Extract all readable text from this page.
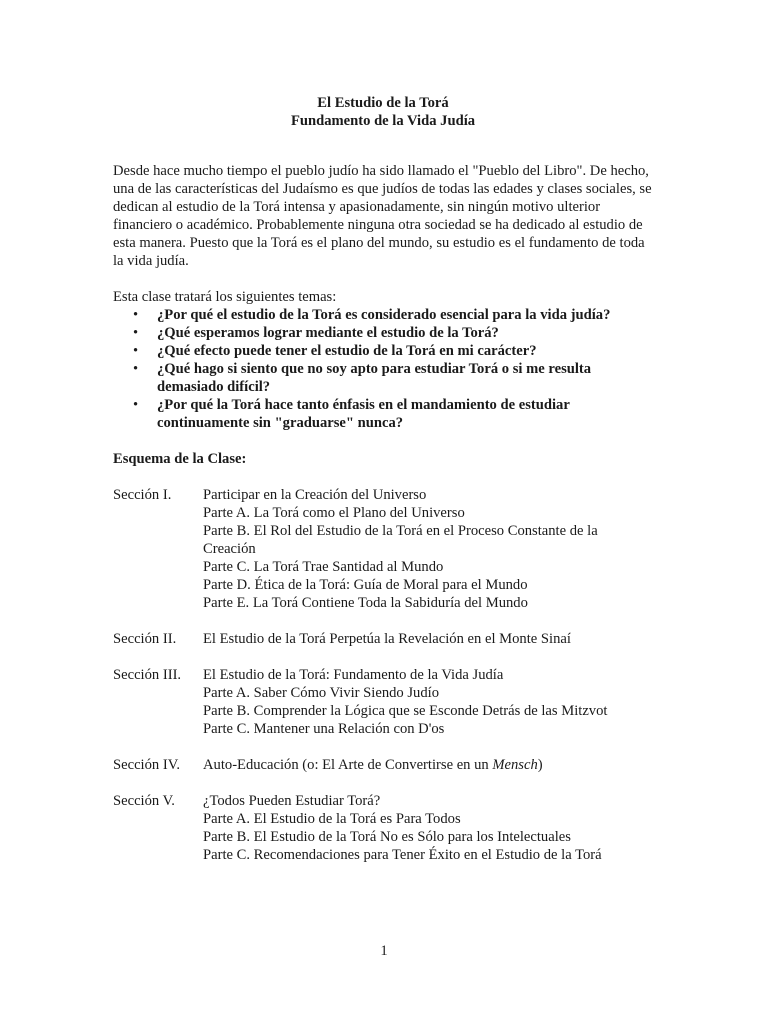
El Estudio de la Torá

Fundamento de la Vida Judía

Desde hace mucho tiempo el pueblo judío ha sido llamado el "Pueblo del Libro". De hecho, una de las características del Judaísmo es que judíos de todas las edades y clases sociales, se dedican al estudio de la Torá intensa y apasionadamente, sin ningún motivo ulterior financiero o académico. Probablemente ninguna otra sociedad se ha dedicado al estudio de esta manera. Puesto que la Torá es el plano del mundo, su estudio es el fundamento de toda la vida judía.

Esta clase tratará los siguientes temas:

• ¿Por qué el estudio de la Torá es considerado esencial para la vida judía?
• ¿Qué esperamos lograr mediante el estudio de la Torá?
• ¿Qué efecto puede tener el estudio de la Torá en mi carácter?
• ¿Qué hago si siento que no soy apto para estudiar Torá o si me resulta demasiado difícil?
• ¿Por qué la Torá hace tanto énfasis en el mandamiento de estudiar continuamente sin "graduarse" nunca?

Esquema de la Clase:

Sección I.	Participar en la Creación del Universo
Parte A. La Torá como el Plano del Universo
Parte B. El Rol del Estudio de la Torá en el Proceso Constante de la Creación
Parte C. La Torá Trae Santidad al Mundo
Parte D. Ética de la Torá: Guía de Moral para el Mundo
Parte E. La Torá Contiene Toda la Sabiduría del Mundo
Sección II.	El Estudio de la Torá Perpetúa la Revelación en el Monte Sinaí
Sección III.	El Estudio de la Torá: Fundamento de la Vida Judía
Parte A. Saber Cómo Vivir Siendo Judío
Parte B. Comprender la Lógica que se Esconde Detrás de las Mitzvot
Parte C. Mantener una Relación con D'os
Sección IV.	Auto-Educación (o: El Arte de Convertirse en un Mensch)
Sección V.	¿Todos Pueden Estudiar Torá?
Parte A. El Estudio de la Torá es Para Todos
Parte B. El Estudio de la Torá No es Sólo para los Intelectuales
Parte C. Recomendaciones para Tener Éxito en el Estudio de la Torá
1
